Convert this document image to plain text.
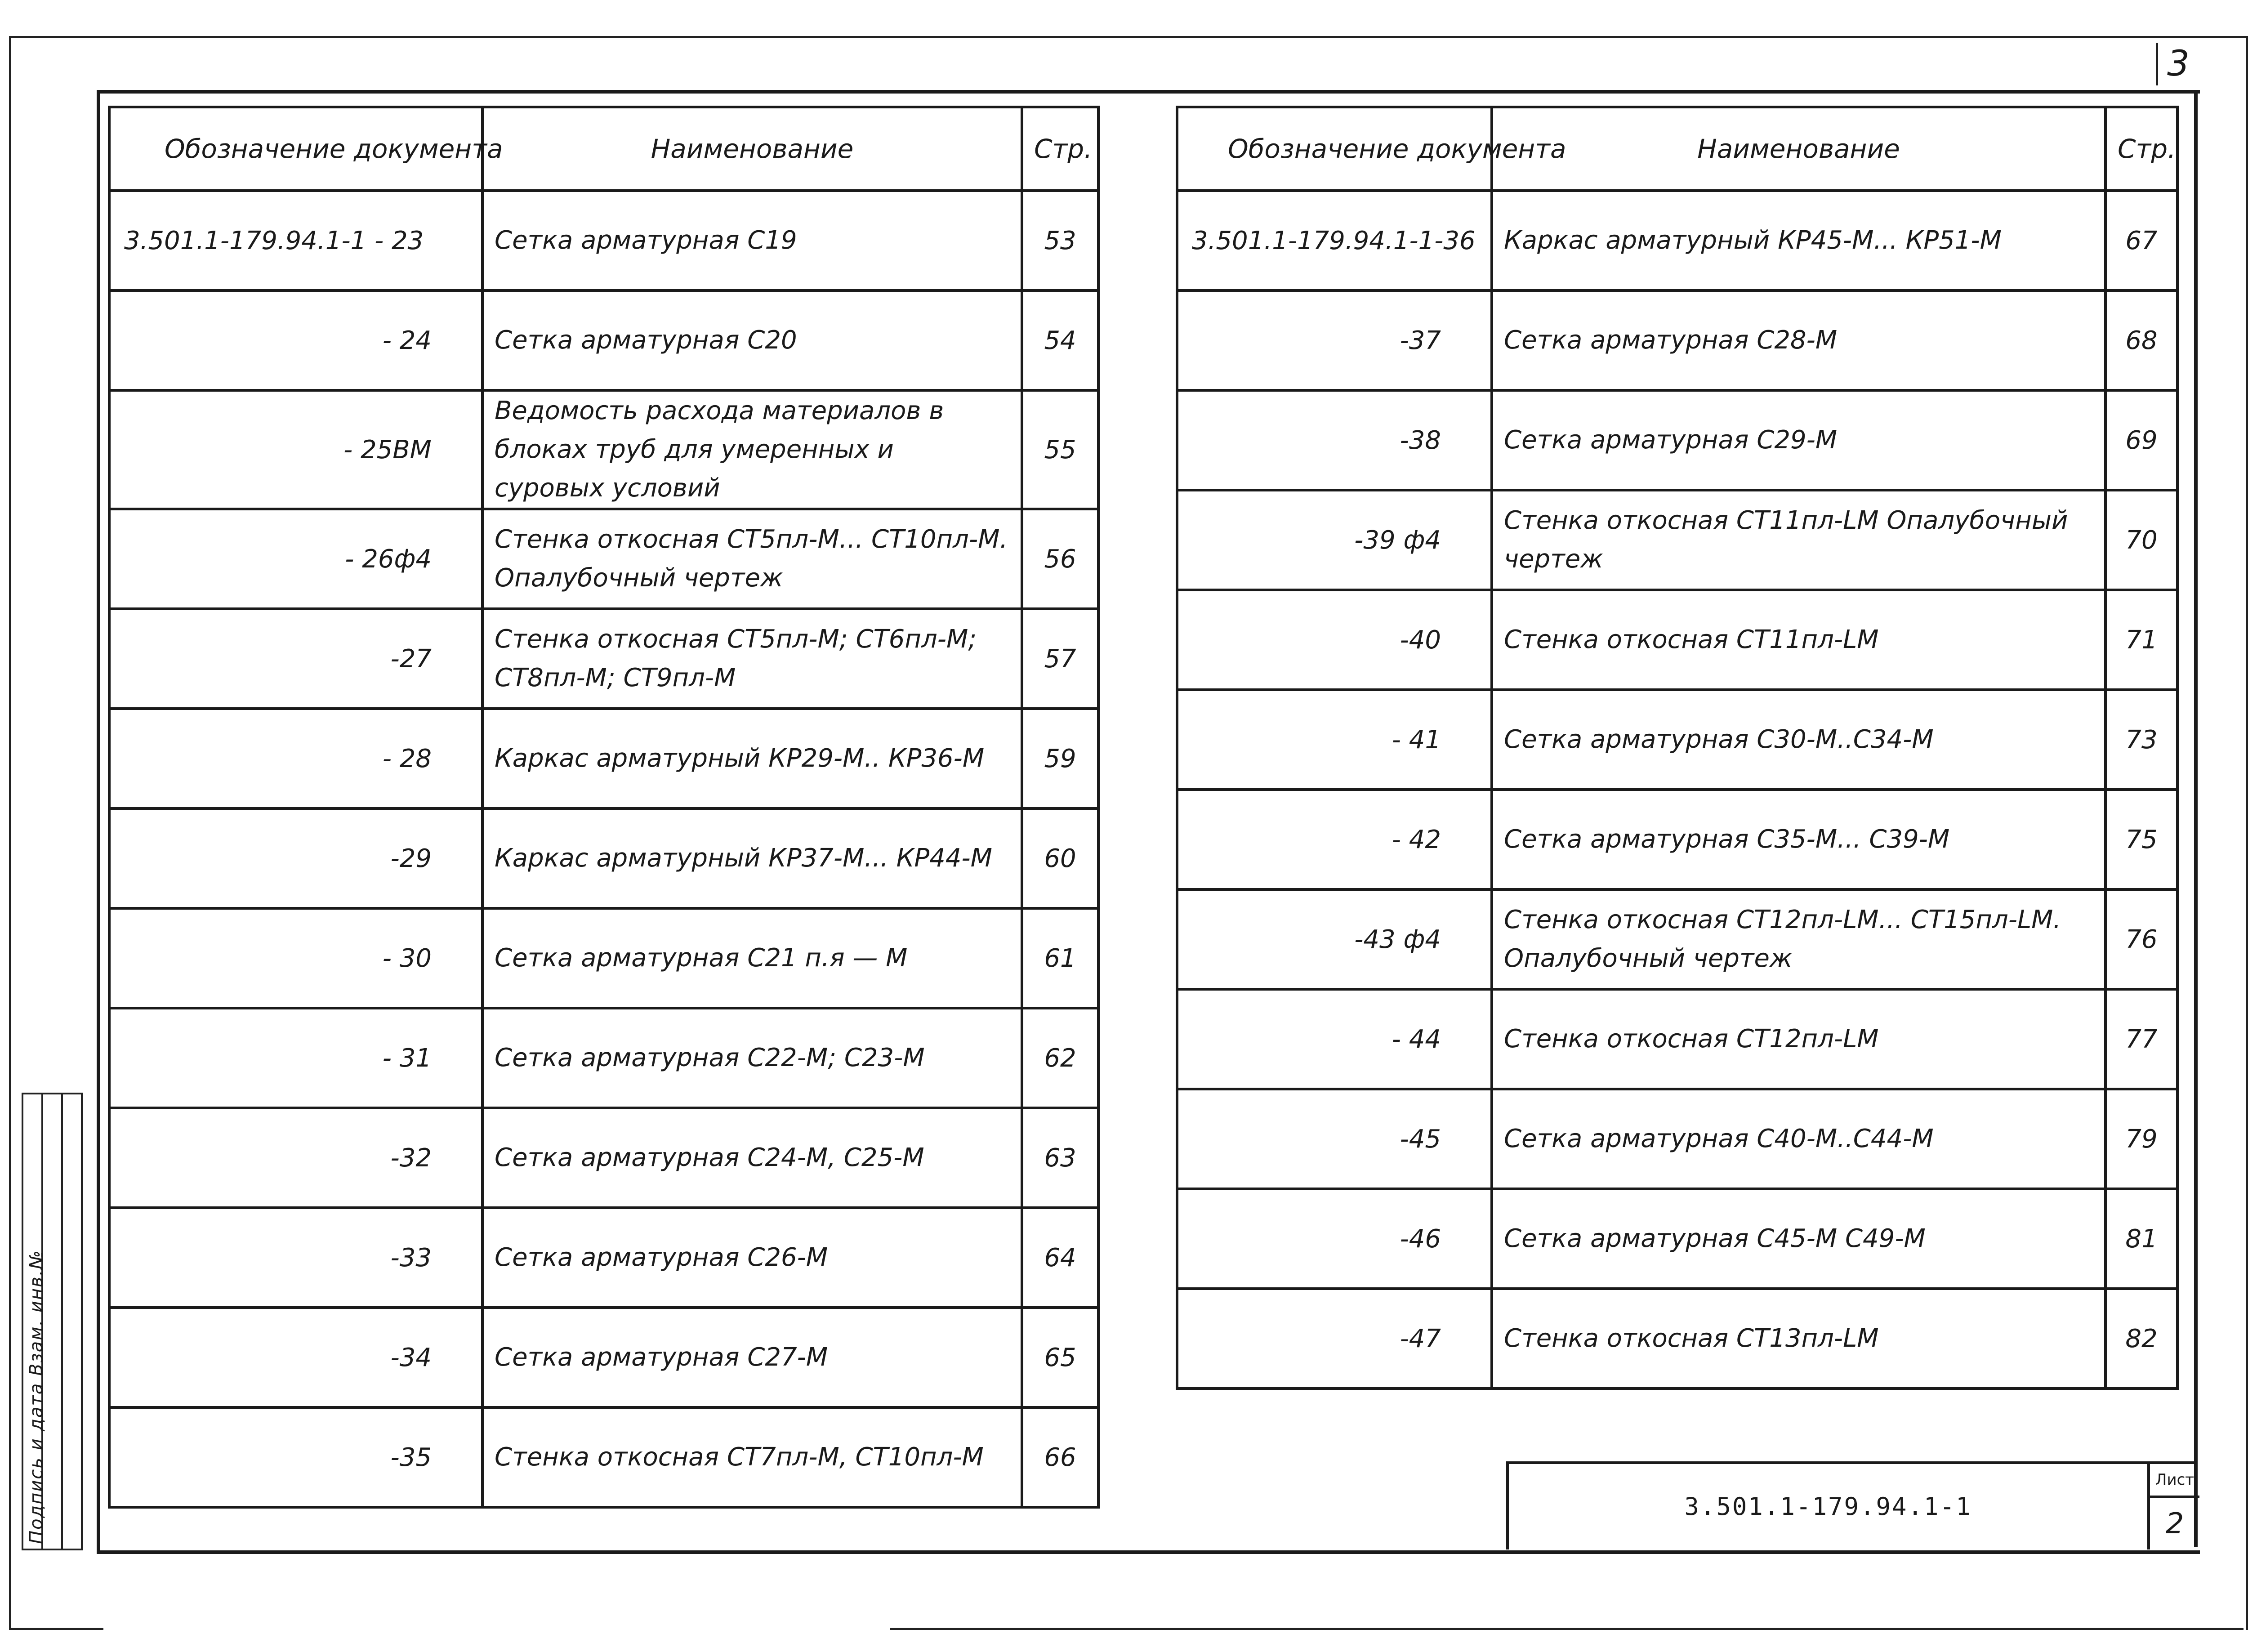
3
Подпись и дата Взам. инв.№
Обозначение документа	Наименование	Стр.
3.501.1-179.94.1-1 - 23	Сетка арматурная С19	53
- 24	Сетка арматурная С20	54
- 25ВМ	Ведомость расхода материалов в блоках труб для умеренных и суровых условий	55
- 26ф4	Стенка откосная СТ5пл-М... СТ10пл-М. Опалубочный чертеж	56
-27	Стенка откосная СТ5пл-М; СТ6пл-М; СТ8пл-М; СТ9пл-М	57
- 28	Каркас арматурный КР29-М.. КР36-М	59
-29	Каркас арматурный КР37-М... КР44-М	60
- 30	Сетка арматурная С21 п.я — М	61
- 31	Сетка арматурная С22-М; С23-М	62
-32	Сетка арматурная С24-М, С25-М	63
-33	Сетка арматурная С26-М	64
-34	Сетка арматурная С27-М	65
-35	Стенка откосная СТ7пл-М, СТ10пл-М	66
Обозначение документа	Наименование	Стр.
3.501.1-179.94.1-1-36	Каркас арматурный КР45-М... КР51-М	67
-37	Сетка арматурная С28-М	68
-38	Сетка арматурная С29-М	69
-39 ф4	Стенка откосная СТ11пл-LМ Опалубочный чертеж	70
-40	Стенка откосная СТ11пл-LМ	71
- 41	Сетка арматурная С30-М..С34-М	73
- 42	Сетка арматурная С35-М... С39-М	75
-43 ф4	Стенка откосная СТ12пл-LМ... СТ15пл-LМ. Опалубочный чертеж	76
- 44	Стенка откосная СТ12пл-LМ	77
-45	Сетка арматурная С40-М..С44-М	79
-46	Сетка арматурная С45-М С49-М	81
-47	Стенка откосная СТ13пл-LМ	82
3.501.1-179.94.1-1
Лист
2
